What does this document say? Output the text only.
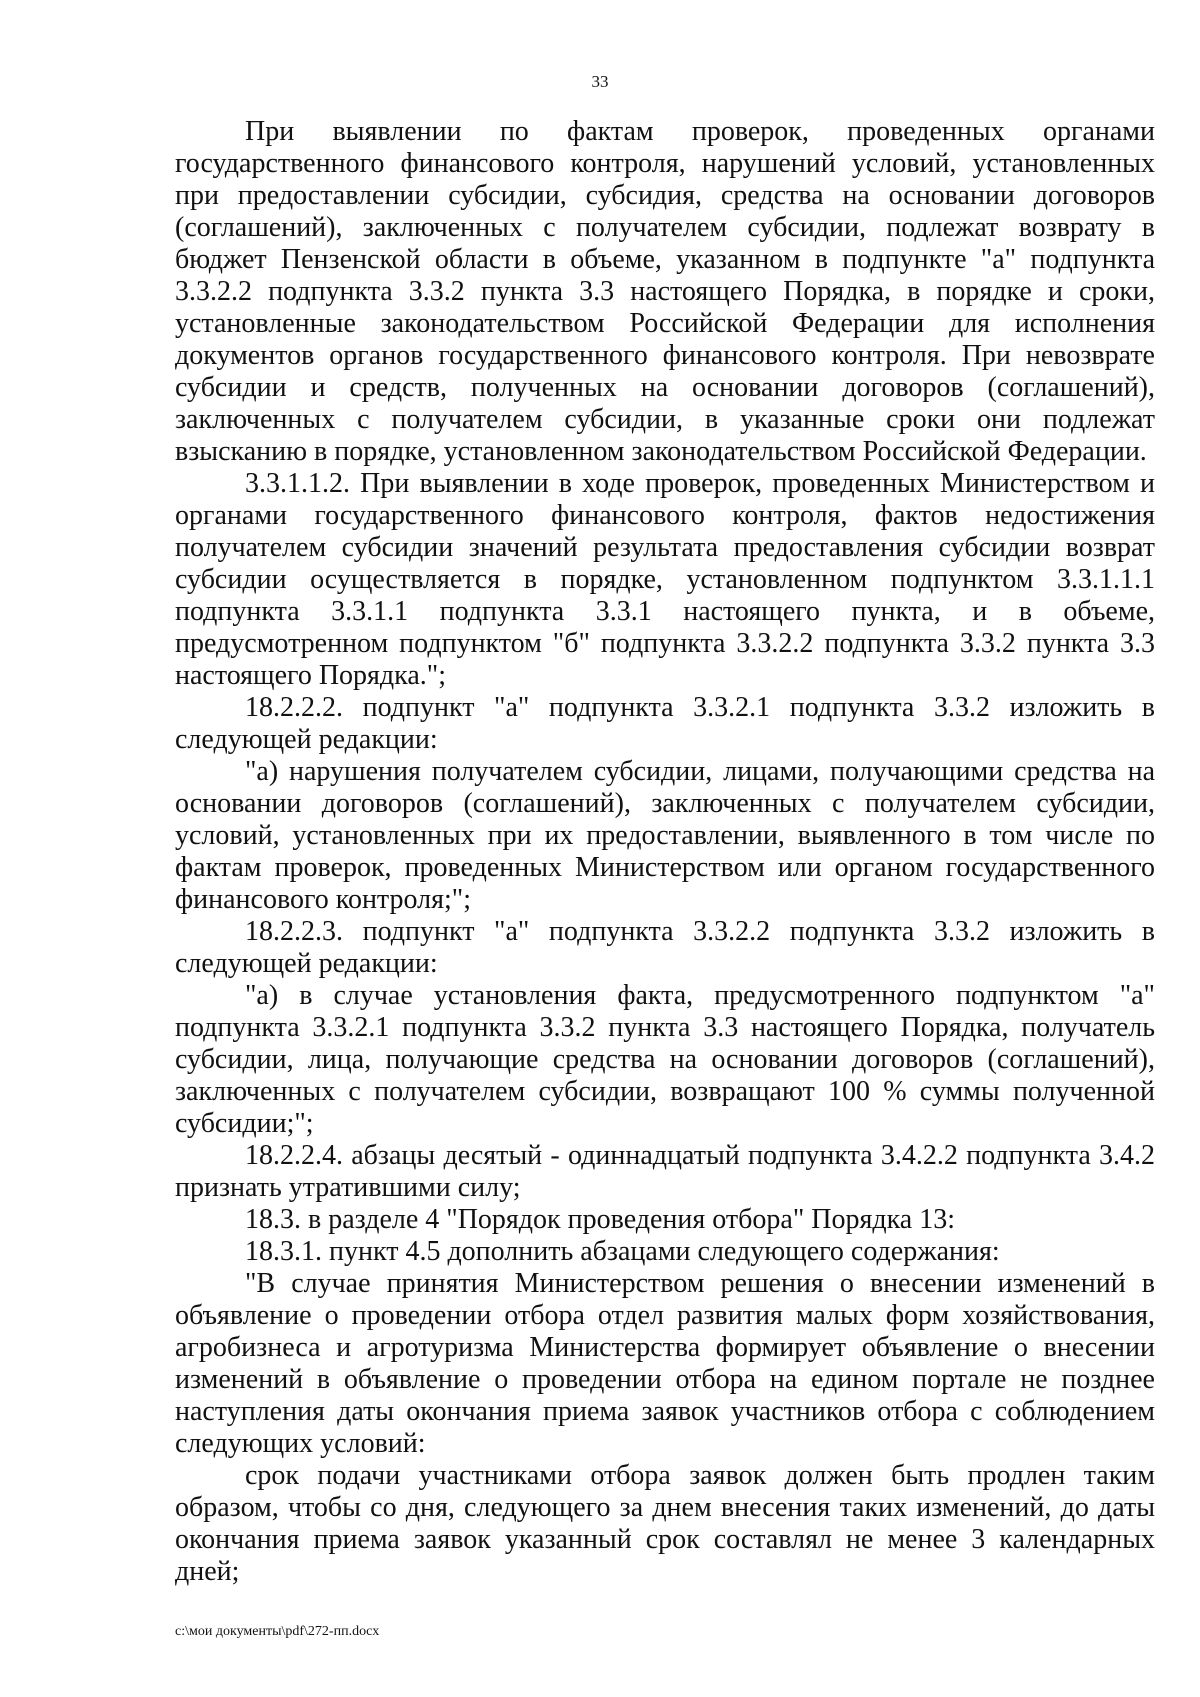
33

При выявлении по фактам проверок, проведенных органами государственного финансового контроля, нарушений условий, установленных при предоставлении субсидии, субсидия, средства на основании договоров (соглашений), заключенных с получателем субсидии, подлежат возврату в бюджет Пензенской области в объеме, указанном в подпункте "а" подпункта 3.3.2.2 подпункта 3.3.2 пункта 3.3 настоящего Порядка, в порядке и сроки, установленные законодательством Российской Федерации для исполнения документов органов государственного финансового контроля. При невозврате субсидии и средств, полученных на основании договоров (соглашений), заключенных с получателем субсидии, в указанные сроки они подлежат взысканию в порядке, установленном законодательством Российской Федерации.

3.3.1.1.2. При выявлении в ходе проверок, проведенных Министерством и органами государственного финансового контроля, фактов недостижения получателем субсидии значений результата предоставления субсидии возврат субсидии осуществляется в порядке, установленном подпунктом 3.3.1.1.1 подпункта 3.3.1.1 подпункта 3.3.1 настоящего пункта, и в объеме, предусмотренном подпунктом "б" подпункта 3.3.2.2 подпункта 3.3.2 пункта 3.3 настоящего Порядка.";

18.2.2.2. подпункт "а" подпункта 3.3.2.1 подпункта 3.3.2 изложить в следующей редакции:

"а) нарушения получателем субсидии, лицами, получающими средства на основании договоров (соглашений), заключенных с получателем субсидии, условий, установленных при их предоставлении, выявленного в том числе по фактам проверок, проведенных Министерством или органом государственного финансового контроля;";

18.2.2.3. подпункт "а" подпункта 3.3.2.2 подпункта 3.3.2 изложить в следующей редакции:

"а) в случае установления факта, предусмотренного подпунктом "а" подпункта 3.3.2.1 подпункта 3.3.2 пункта 3.3 настоящего Порядка, получатель субсидии, лица, получающие средства на основании договоров (соглашений), заключенных с получателем субсидии, возвращают 100 % суммы полученной субсидии;";

18.2.2.4. абзацы десятый - одиннадцатый подпункта 3.4.2.2 подпункта 3.4.2 признать утратившими силу;

18.3. в разделе 4 "Порядок проведения отбора" Порядка 13:

18.3.1. пункт 4.5 дополнить абзацами следующего содержания:

"В случае принятия Министерством решения о внесении изменений в объявление о проведении отбора отдел развития малых форм хозяйствования, агробизнеса и агротуризма Министерства формирует объявление о внесении изменений в объявление о проведении отбора на едином портале не позднее наступления даты окончания приема заявок участников отбора с соблюдением следующих условий:

срок подачи участниками отбора заявок должен быть продлен таким образом, чтобы со дня, следующего за днем внесения таких изменений, до даты окончания приема заявок указанный срок составлял не менее 3 календарных дней;

c:\мои документы\pdf\272-пп.docx
